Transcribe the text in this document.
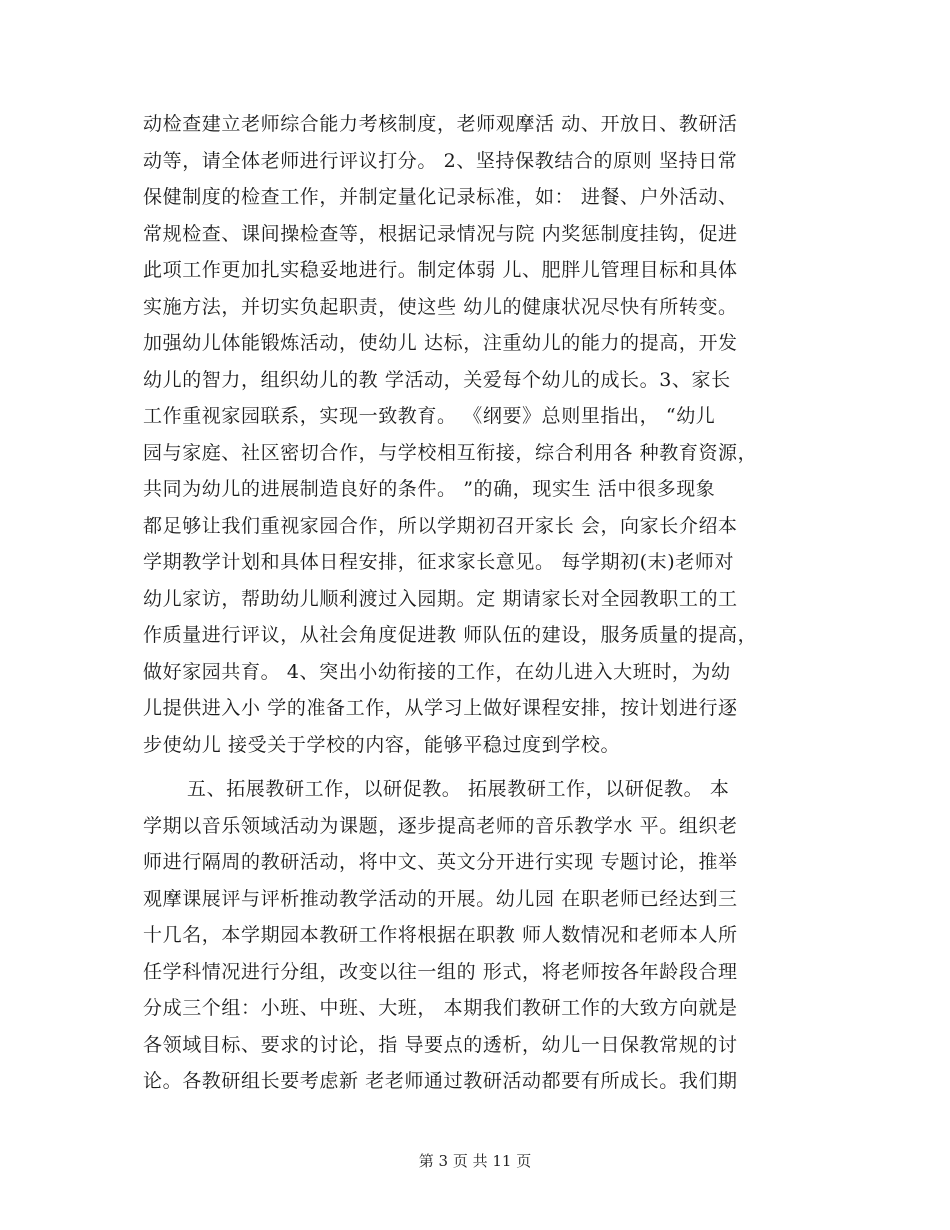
动检查建立老师综合能力考核制度，老师观摩活 动、开放日、教研活
动等，请全体老师进行评议打分。 2、坚持保教结合的原则 坚持日常
保健制度的检查工作，并制定量化记录标准，如： 进餐、户外活动、
常规检查、课间操检查等，根据记录情况与院 内奖惩制度挂钩，促进
此项工作更加扎实稳妥地进行。制定体弱 儿、肥胖儿管理目标和具体
实施方法，并切实负起职责，使这些 幼儿的健康状况尽快有所转变。
加强幼儿体能锻炼活动，使幼儿 达标，注重幼儿的能力的提高，开发
幼儿的智力，组织幼儿的教 学活动，关爱每个幼儿的成长。3、家长
工作重视家园联系，实现一致教育。 《纲要》总则里指出， “幼儿
园与家庭、社区密切合作，与学校相互衔接，综合利用各 种教育资源，
共同为幼儿的进展制造良好的条件。 ”的确，现实生 活中很多现象
都足够让我们重视家园合作，所以学期初召开家长 会，向家长介绍本
学期教学计划和具体日程安排，征求家长意见。 每学期初(末)老师对
幼儿家访，帮助幼儿顺利渡过入园期。定 期请家长对全园教职工的工
作质量进行评议，从社会角度促进教 师队伍的建设，服务质量的提高，
做好家园共育。 4、突出小幼衔接的工作，在幼儿进入大班时，为幼
儿提供进入小 学的准备工作，从学习上做好课程安排，按计划进行逐
步使幼儿 接受关于学校的内容，能够平稳过度到学校。
五、拓展教研工作，以研促教。 拓展教研工作，以研促教。 本
学期以音乐领域活动为课题，逐步提高老师的音乐教学水 平。组织老
师进行隔周的教研活动，将中文、英文分开进行实现 专题讨论，推举
观摩课展评与评析推动教学活动的开展。幼儿园 在职老师已经达到三
十几名，本学期园本教研工作将根据在职教 师人数情况和老师本人所
任学科情况进行分组，改变以往一组的 形式，将老师按各年龄段合理
分成三个组：小班、中班、大班， 本期我们教研工作的大致方向就是
各领域目标、要求的讨论，指 导要点的透析，幼儿一日保教常规的讨
论。各教研组长要考虑新 老老师通过教研活动都要有所成长。我们期
第 3 页 共 11 页
